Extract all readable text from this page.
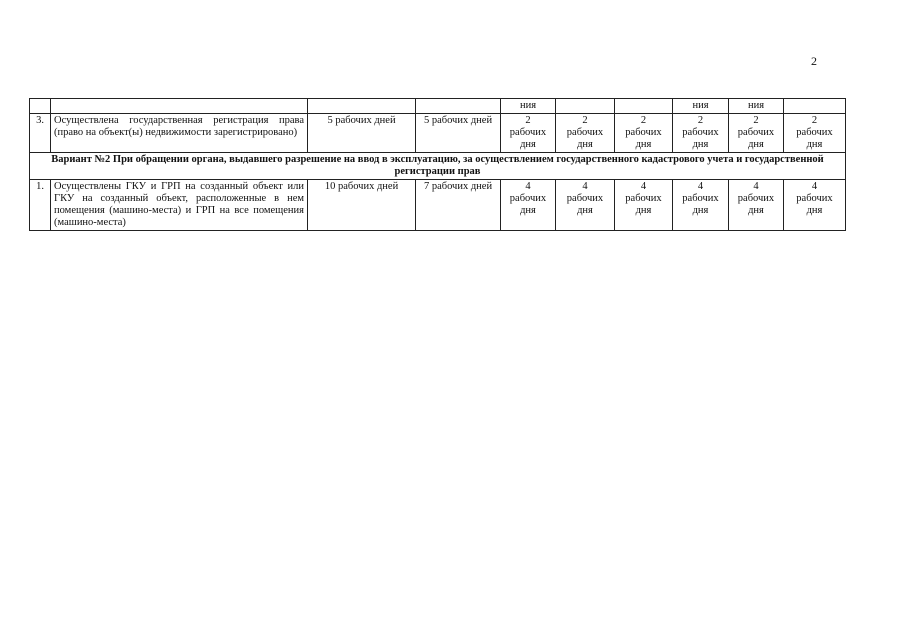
2
				ния			ния	ния	
3.	Осуществлена государственная регистрация права (право на объект(ы) недвижимости зарегистрировано)	5 рабочих дней	5 рабочих дней	2
рабочих
дня	2
рабочих
дня	2
рабочих
дня	2
рабочих
дня	2
рабочих
дня	2
рабочих
дня

Вариант №2 При обращении органа, выдавшего разрешение на ввод в эксплуатацию, за осуществлением государственного кадастрового учета и государственной регистрации прав									
1.	Осуществлены ГКУ и ГРП на созданный объект или ГКУ на созданный объект, расположенные в нем помещения (машино-места) и ГРП на все помещения (машино-места)	10 рабочих дней	7 рабочих дней	4
рабочих
дня	4
рабочих
дня	4
рабочих
дня	4
рабочих
дня	4
рабочих
дня	4
рабочих
дня
